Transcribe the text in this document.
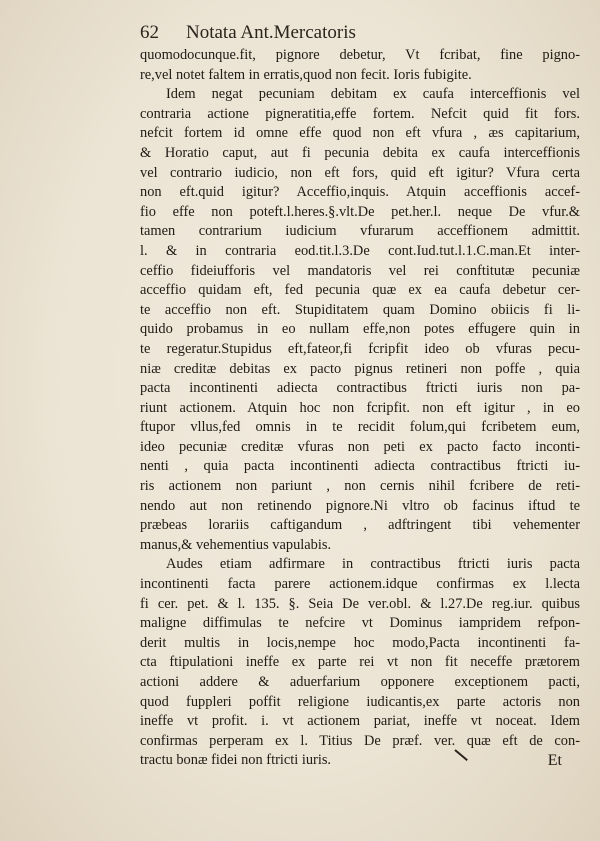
62 Notata Ant.Mercatoris
quomodocunque.fit, pignore debetur, Vt fcribat, fine pigno-
re,vel notet faltem in erratis,quod non fecit. Ioris fubigite.
Idem negat pecuniam debitam ex caufa interceffionis vel
contraria actione pigneratitia,effe fortem. Nefcit quid fit fors.
nefcit fortem id omne effe quod non eft vfura , æs capitarium,
& Horatio caput, aut fi pecunia debita ex caufa interceffionis
vel contrario iudicio, non eft fors, quid eft igitur? Vfura certa
non eft.quid igitur? Acceffio,inquis. Atquin acceffionis accef-
fio effe non poteft.l.heres.§.vlt.De pet.her.l. neque De vfur.&
tamen contrarium iudicium vfurarum acceffionem admittit.
l. & in contraria eod.tit.l.3.De cont.Iud.tut.l.1.C.man.Et inter-
ceffio fideiufforis vel mandatoris vel rei conftitutæ pecuniæ
acceffio quidam eft, fed pecunia quæ ex ea caufa debetur cer-
te acceffio non eft. Stupiditatem quam Domino obiicis fi li-
quido probamus in eo nullam effe,non potes effugere quin in
te regeratur.Stupidus eft,fateor,fi fcripfit ideo ob vfuras pecu-
niæ creditæ debitas ex pacto pignus retineri non poffe , quia
pacta incontinenti adiecta contractibus ftricti iuris non pa-
riunt actionem. Atquin hoc non fcripfit. non eft igitur , in eo
ftupor vllus,fed omnis in te recidit folum,qui fcribetem eum,
ideo pecuniæ creditæ vfuras non peti ex pacto facto inconti-
nenti , quia pacta incontinenti adiecta contractibus ftricti iu-
ris actionem non pariunt , non cernis nihil fcribere de reti-
nendo aut non retinendo pignore.Ni vltro ob facinus iftud te
præbeas lorariis caftigandum , adftringent tibi vehementer
manus,& vehementius vapulabis.
Audes etiam adfirmare in contractibus ftricti iuris pacta
incontinenti facta parere actionem.idque confirmas ex l.lecta
fi cer. pet. & l. 135. §. Seia De ver.obl. & l.27.De reg.iur. quibus
maligne diffimulas te nefcire vt Dominus iampridem refpon-
derit multis in locis,nempe hoc modo,Pacta incontinenti fa-
cta ftipulationi ineffe ex parte rei vt non fit neceffe prætorem
actioni addere & aduerfarium opponere exceptionem pacti,
quod fuppleri poffit religione iudicantis,ex parte actoris non
ineffe vt profit. i. vt actionem pariat, ineffe vt noceat. Idem
confirmas perperam ex l. Titius De præf. ver. quæ eft de con-
tractu bonæ fidei non ftricti iuris.	Et
